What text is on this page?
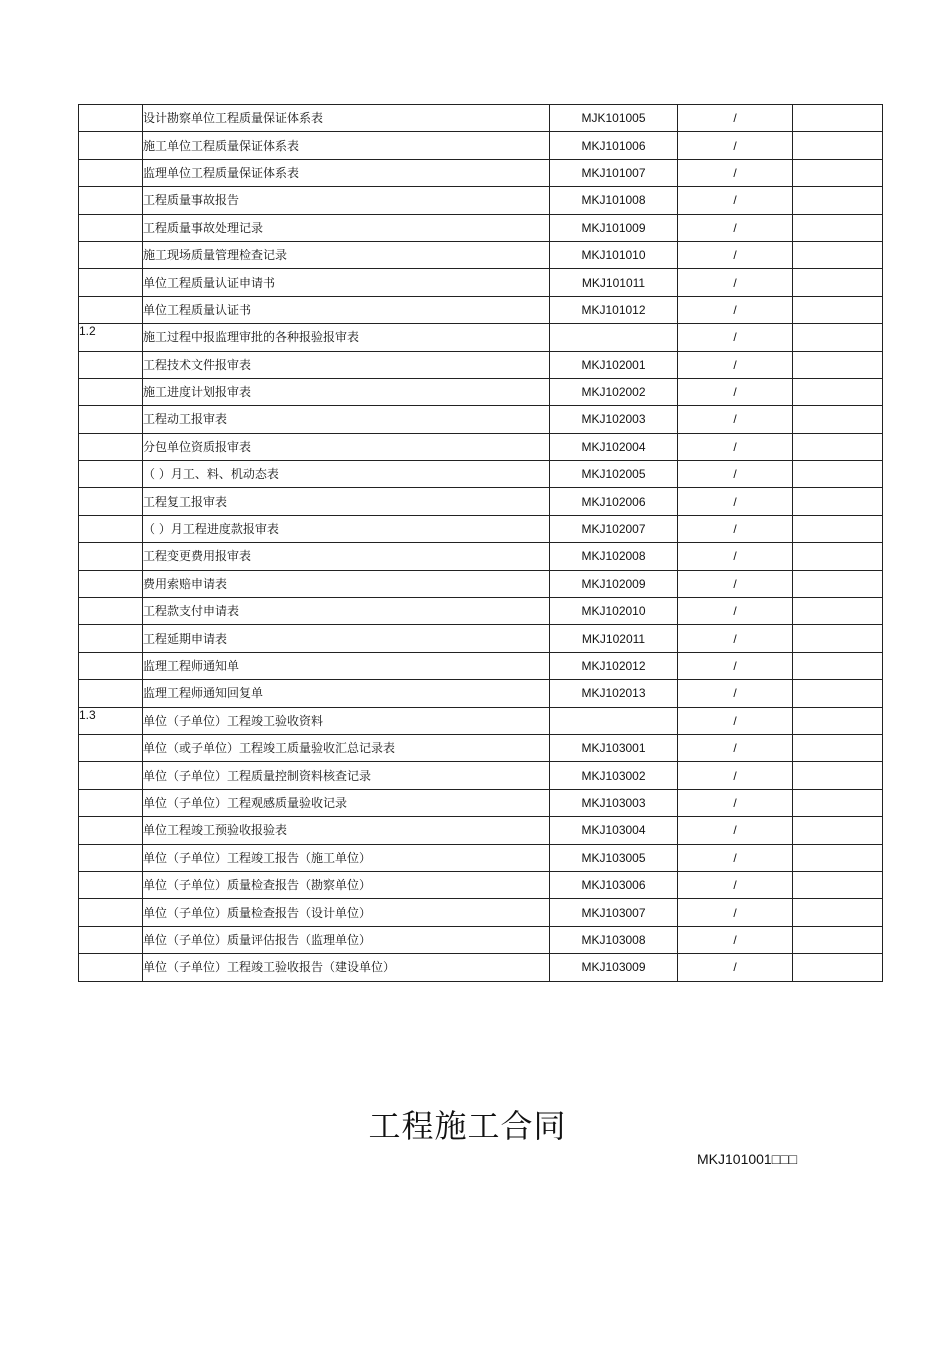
	设计勘察单位工程质量保证体系表	MJK101005	/	
	施工单位工程质量保证体系表	MKJ101006	/	
	监理单位工程质量保证体系表	MKJ101007	/	
	工程质量事故报告	MKJ101008	/	
	工程质量事故处理记录	MKJ101009	/	
	施工现场质量管理检查记录	MKJ101010	/	
	单位工程质量认证申请书	MKJ101011	/	
	单位工程质量认证书	MKJ101012	/	
1.2	施工过程中报监理审批的各种报验报审表		/	
	工程技术文件报审表	MKJ102001	/	
	施工进度计划报审表	MKJ102002	/	
	工程动工报审表	MKJ102003	/	
	分包单位资质报审表	MKJ102004	/	
	（ ）月工、料、机动态表	MKJ102005	/	
	工程复工报审表	MKJ102006	/	
	（ ）月工程进度款报审表	MKJ102007	/	
	工程变更费用报审表	MKJ102008	/	
	费用索赔申请表	MKJ102009	/	
	工程款支付申请表	MKJ102010	/	
	工程延期申请表	MKJ102011	/	
	监理工程师通知单	MKJ102012	/	
	监理工程师通知回复单	MKJ102013	/	
1.3	单位（子单位）工程竣工验收资料		/	
	单位（或子单位）工程竣工质量验收汇总记录表	MKJ103001	/	
	单位（子单位）工程质量控制资料核查记录	MKJ103002	/	
	单位（子单位）工程观感质量验收记录	MKJ103003	/	
	单位工程竣工预验收报验表	MKJ103004	/	
	单位（子单位）工程竣工报告（施工单位）	MKJ103005	/	
	单位（子单位）质量检查报告（勘察单位）	MKJ103006	/	
	单位（子单位）质量检查报告（设计单位）	MKJ103007	/	
	单位（子单位）质量评估报告（监理单位）	MKJ103008	/	
	单位（子单位）工程竣工验收报告（建设单位）	MKJ103009	/	
工程施工合同
MKJ101001□□□
